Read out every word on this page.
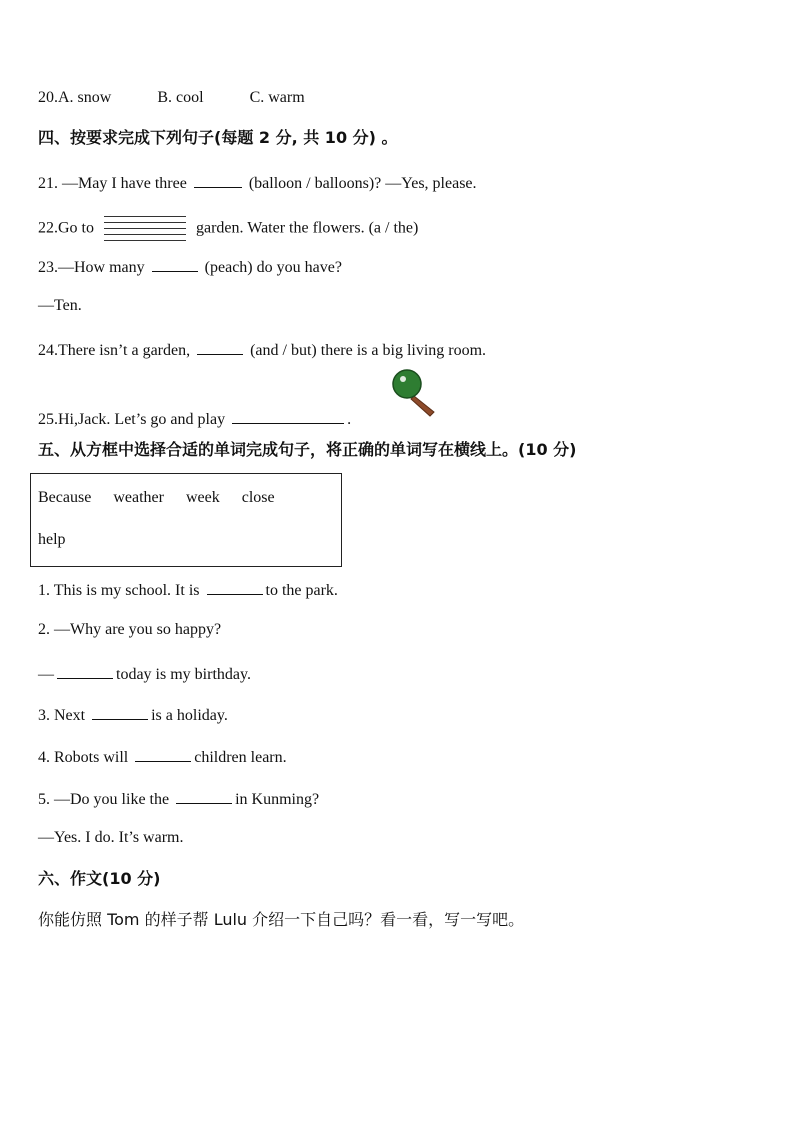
20.A. snow	B. cool	C. warm
四、按要求完成下列句子(每题 2 分, 共 10 分) 。
21. —May I have three	(balloon / balloons)? —Yes, please.
22.Go to	garden. Water the flowers. (a / the)
23.—How many	(peach) do you have?
—Ten.
24.There isn’t a garden,	(and / but) there is a big living room.
25.Hi,Jack. Let’s go and play	.
五、从方框中选择合适的单词完成句子，将正确的单词写在横线上。(10 分)
Because weather week close
help
1. This is my school. It is	to the park.
2. —Why are you so happy?
—	today is my birthday.
3. Next	is a holiday.
4. Robots will	children learn.
5. —Do you like the	in Kunming?
—Yes. I do. It’s warm.
六、作文(10 分)
你能仿照 Tom 的样子帮 Lulu 介绍一下自己吗？看一看，写一写吧。
